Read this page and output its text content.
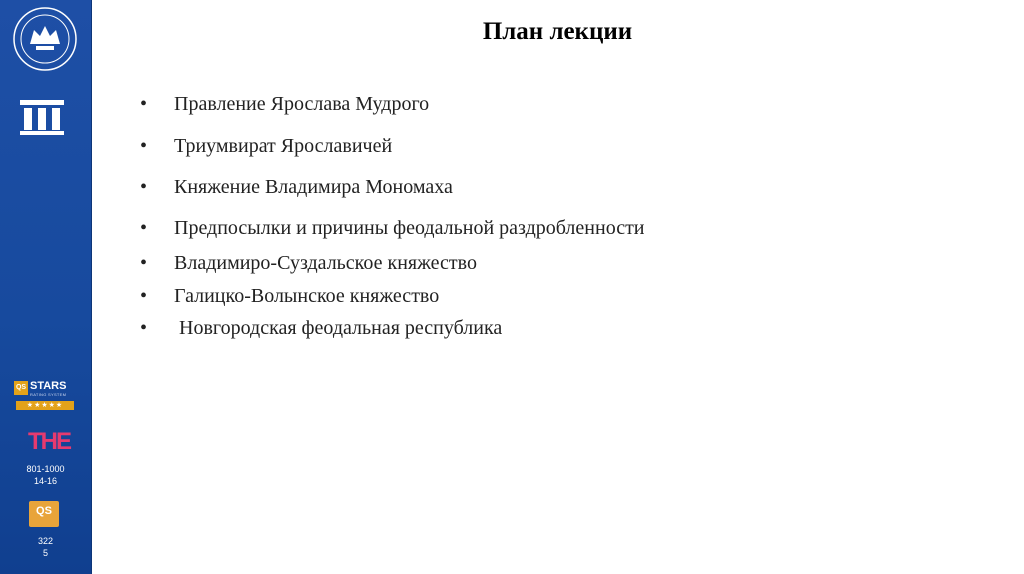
QS STARS
RATING SYSTEM
★★★★★
THE
801-1000
14-16
QS
322
5
План лекции
•	Правление Ярослава Мудрого
•	Триумвират Ярославичей
•	Княжение Владимира Мономаха
•	Предпосылки и причины феодальной раздробленности
•	Владимиро-Суздальское княжество
•	Галицко-Волынское княжество
•	Новгородская феодальная республика
